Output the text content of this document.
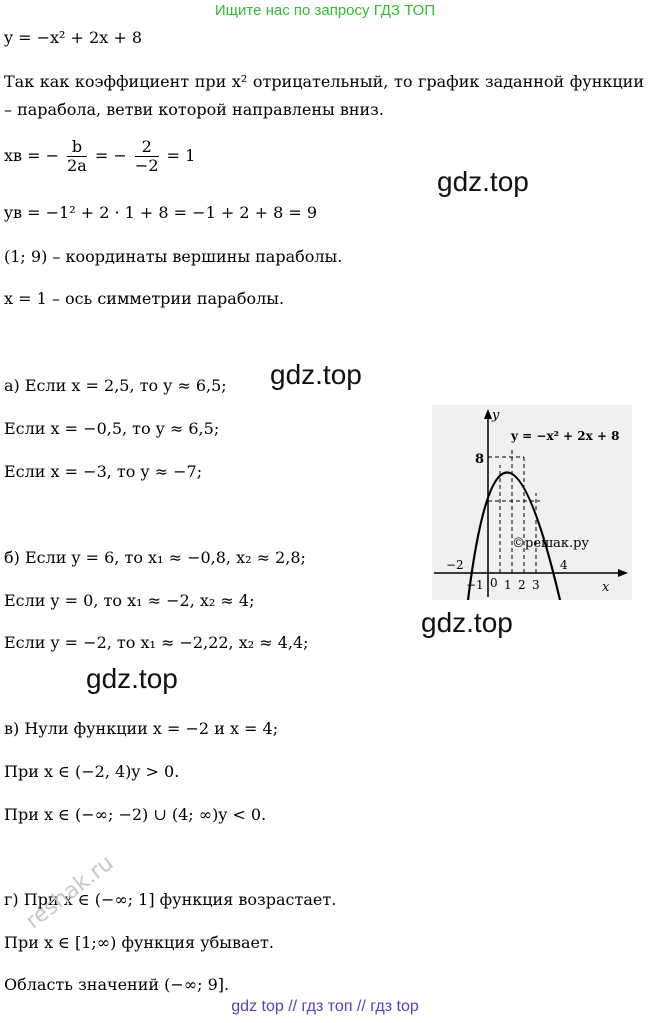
Ищите нас по запросу ГДЗ ТОП
y = −x² + 2x + 8
Так как коэффициент при x² отрицательный, то график заданной функции – парабола, ветви которой направлены вниз.
xв = − $\frac{b}{2a}$ = − $\frac{2}{-2} = 1$
yв = −1² + 2 · 1 + 8 = −1 + 2 + 8 = 9
(1; 9) – координаты вершины параболы.
x = 1 – ось симметрии параболы.
а) Если x = 2,5, то y ≈ 6,5;
Если x = −0,5, то y ≈ 6,5;
Если x = −3, то y ≈ −7;
б) Если y = 6, то x₁ ≈ −0,8, x₂ ≈ 2,8;
Если y = 0, то x₁ ≈ −2, x₂ ≈ 4;
Если y = −2, то x₁ ≈ −2,22, x₂ ≈ 4,4;
в) Нули функции x = −2 и x = 4;
При x ∈ (−2, 4)y > 0.
При x ∈ (−∞; −2) ∪ (4; ∞)y < 0.
г) При x ∈ (−∞; 1] функция возрастает.
При x ∈ [1;∞) функция убывает.
Область значений (−∞; 9].
gdz.top
gdz.top
gdz.top
gdz.top
reshak.ru
y
x
y = −x² + 2x + 8
8
©решак.ру
−2
−1 0 1 2 3
4
gdz top // гдз топ // гдз top
